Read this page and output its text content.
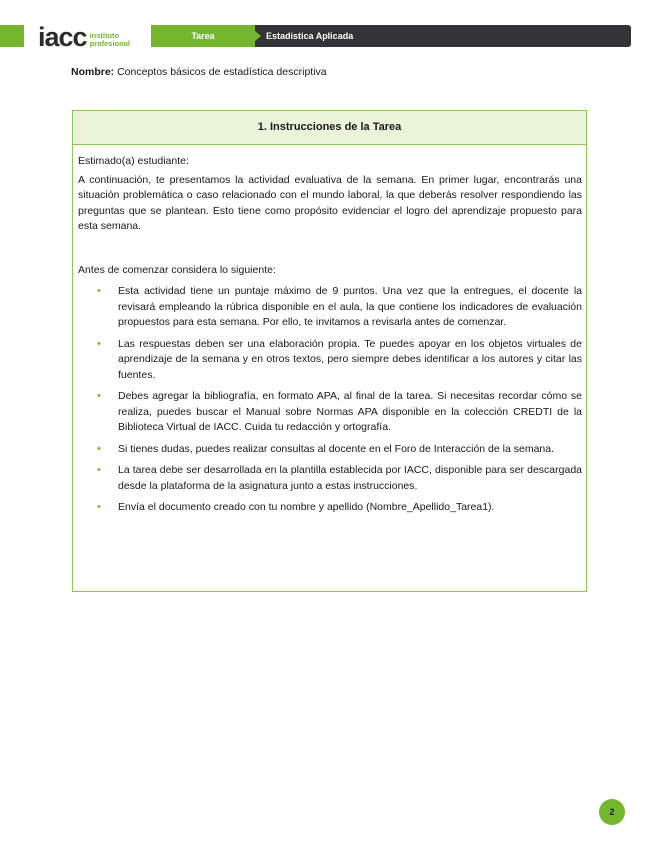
iacc instituto
profesional
Tarea	Estadística Aplicada
Nombre: Conceptos básicos de estadística descriptiva
1. Instrucciones de la Tarea

Estimado(a) estudiante:

A continuación, te presentamos la actividad evaluativa de la semana. En primer lugar, encontrarás una situación problemática o caso relacionado con el mundo laboral, la que deberás resolver respondiendo las preguntas que se plantean. Esto tiene como propósito evidenciar el logro del aprendizaje propuesto para esta semana.

Antes de comenzar considera lo siguiente:

• Esta actividad tiene un puntaje máximo de 9 puntos. Una vez que la entregues, el docente la revisará empleando la rúbrica disponible en el aula, la que contiene los indicadores de evaluación propuestos para esta semana. Por ello, te invitamos a revisarla antes de comenzar.
• Las respuestas deben ser una elaboración propia. Te puedes apoyar en los objetos virtuales de aprendizaje de la semana y en otros textos, pero siempre debes identificar a los autores y citar las fuentes.
• Debes agregar la bibliografía, en formato APA, al final de la tarea. Si necesitas recordar cómo se realiza, puedes buscar el Manual sobre Normas APA disponible en la colección CREDTI de la Biblioteca Virtual de IACC. Cuida tu redacción y ortografía.
• Si tienes dudas, puedes realizar consultas al docente en el Foro de Interacción de la semana.
• La tarea debe ser desarrollada en la plantilla establecida por IACC, disponible para ser descargada desde la plataforma de la asignatura junto a estas instrucciones.
• Envía el documento creado con tu nombre y apellido (Nombre_Apellido_Tarea1).
2
